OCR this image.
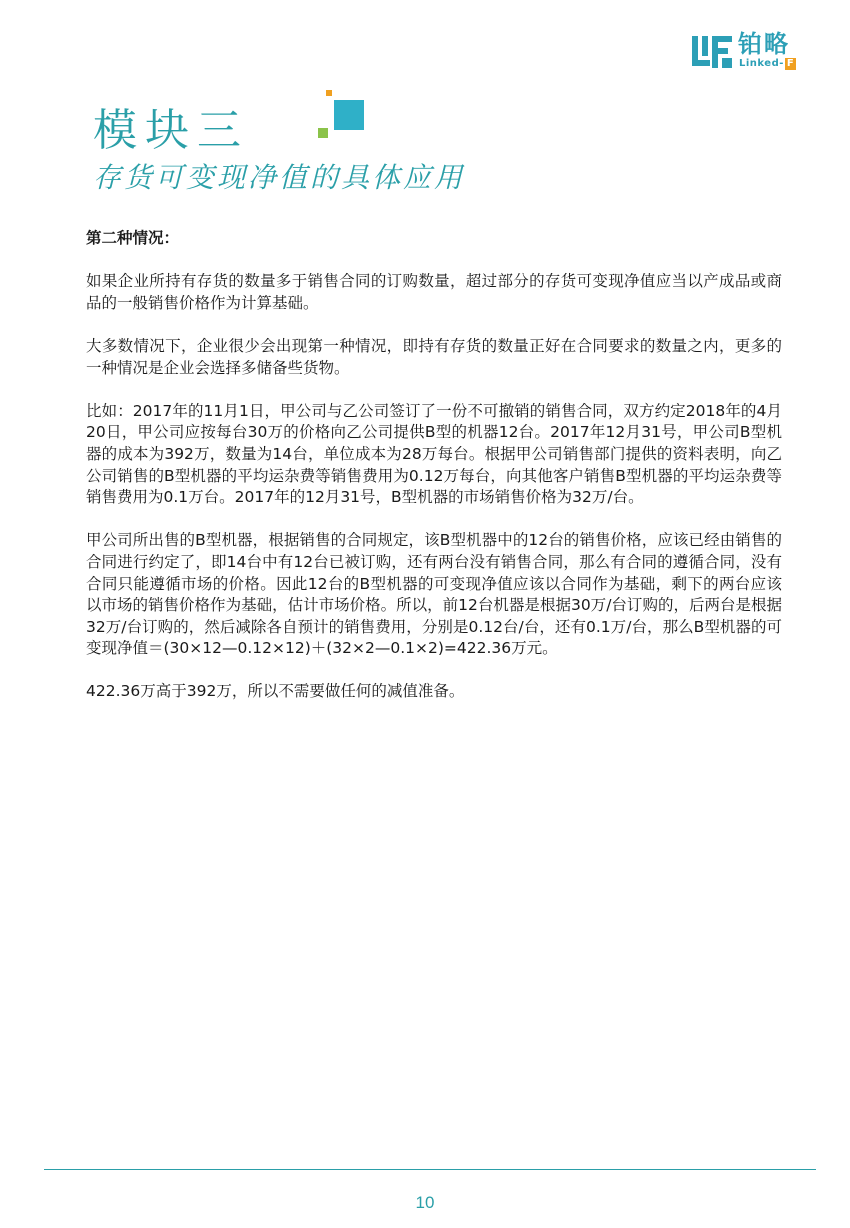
铂略
Linked- F
模块三
存货可变现净值的具体应用

第二种情况：

如果企业所持有存货的数量多于销售合同的订购数量，超过部分的存货可变现净值应当以产成品或商品的一般销售价格作为计算基础。

大多数情况下，企业很少会出现第一种情况，即持有存货的数量正好在合同要求的数量之内，更多的一种情况是企业会选择多储备些货物。

比如：2017年的11月1日，甲公司与乙公司签订了一份不可撤销的销售合同，双方约定2018年的4月20日，甲公司应按每台30万的价格向乙公司提供B型的机器12台。2017年12月31号，甲公司B型机器的成本为392万，数量为14台，单位成本为28万每台。根据甲公司销售部门提供的资料表明，向乙公司销售的B型机器的平均运杂费等销售费用为0.12万每台，向其他客户销售B型机器的平均运杂费等销售费用为0.1万台。2017年的12月31号，B型机器的市场销售价格为32万/台。

甲公司所出售的B型机器，根据销售的合同规定，该B型机器中的12台的销售价格，应该已经由销售的合同进行约定了，即14台中有12台已被订购，还有两台没有销售合同，那么有合同的遵循合同，没有合同只能遵循市场的价格。因此12台的B型机器的可变现净值应该以合同作为基础，剩下的两台应该以市场的销售价格作为基础，估计市场价格。所以，前12台机器是根据30万/台订购的，后两台是根据32万/台订购的，然后减除各自预计的销售费用，分别是0.12台/台，还有0.1万/台，那么B型机器的可变现净值＝(30×12—0.12×12)＋(32×2—0.1×2)=422.36万元。

422.36万高于392万，所以不需要做任何的减值准备。

10
